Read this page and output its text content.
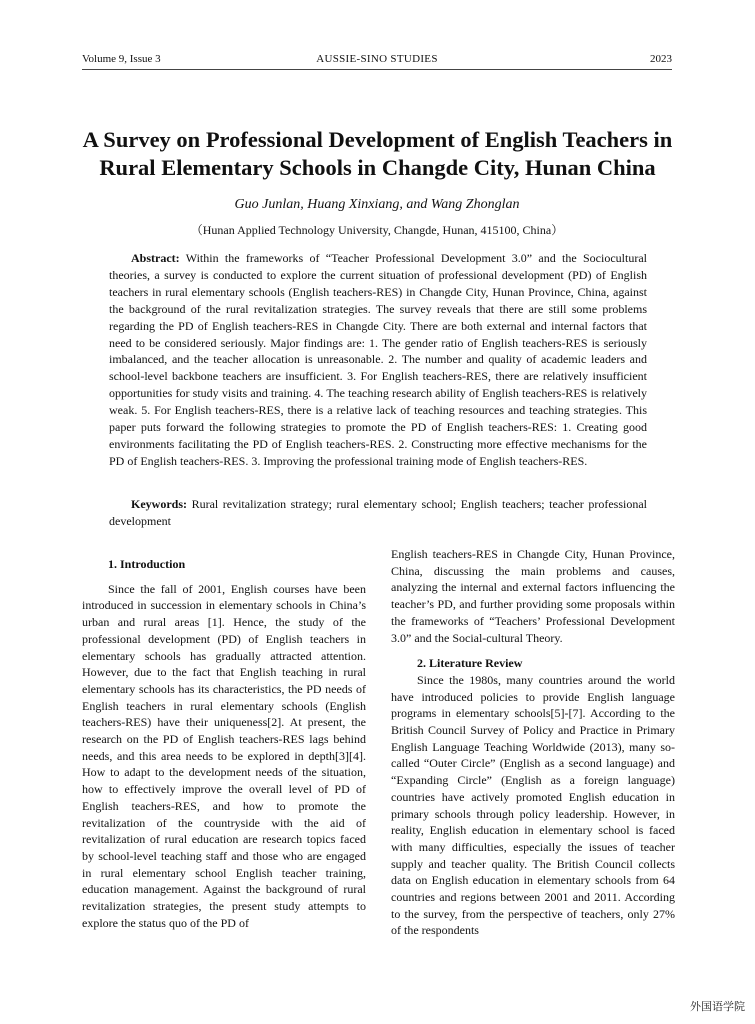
Volume 9, Issue 3	AUSSIE-SINO STUDIES	2023
A Survey on Professional Development of English Teachers in Rural Elementary Schools in Changde City, Hunan China
Guo Junlan, Huang Xinxiang, and Wang Zhonglan
（Hunan Applied Technology University, Changde, Hunan, 415100, China）

Abstract: Within the frameworks of “Teacher Professional Development 3.0” and the Sociocultural theories, a survey is conducted to explore the current situation of professional development (PD) of English teachers in rural elementary schools (English teachers-RES) in Changde City, Hunan Province, China, against the background of the rural revitalization strategies. The survey reveals that there are still some problems regarding the PD of English teachers-RES in Changde City. There are both external and internal factors that need to be considered seriously. Major findings are: 1. The gender ratio of English teachers-RES is seriously imbalanced, and the teacher allocation is unreasonable. 2. The number and quality of academic leaders and school-level backbone teachers are insufficient. 3. For English teachers-RES, there are relatively insufficient opportunities for study visits and training. 4. The teaching research ability of English teachers-RES is relatively weak. 5. For English teachers-RES, there is a relative lack of teaching resources and teaching strategies. This paper puts forward the following strategies to promote the PD of English teachers-RES: 1. Creating good environments facilitating the PD of English teachers-RES. 2. Constructing more effective mechanisms for the PD of English teachers-RES. 3. Improving the professional training mode of English teachers-RES.

Keywords: Rural revitalization strategy; rural elementary school; English teachers; teacher professional development

1. Introduction

Since the fall of 2001, English courses have been introduced in succession in elementary schools in China’s urban and rural areas [1]. Hence, the study of the professional development (PD) of English teachers in elementary schools has gradually attracted attention. However, due to the fact that English teaching in rural elementary schools has its characteristics, the PD needs of English teachers in rural elementary schools (English teachers-RES) have their uniqueness[2]. At present, the research on the PD of English teachers-RES lags behind needs, and this area needs to be explored in depth[3][4]. How to adapt to the development needs of the situation, how to effectively improve the overall level of PD of English teachers-RES, and how to promote the revitalization of the countryside with the aid of revitalization of rural education are research topics faced by school-level teaching staff and those who are engaged in rural elementary school English teacher training, education management. Against the background of rural revitalization strategies, the present study attempts to explore the status quo of the PD of

English teachers-RES in Changde City, Hunan Province, China, discussing the main problems and causes, analyzing the internal and external factors influencing the teacher’s PD, and further providing some proposals within the frameworks of “Teachers’ Professional Development 3.0” and the Social-cultural Theory.

2. Literature Review

Since the 1980s, many countries around the world have introduced policies to provide English language programs in elementary schools[5]-[7]. According to the British Council Survey of Policy and Practice in Primary English Language Teaching Worldwide (2013), many so-called “Outer Circle” (English as a second language) and “Expanding Circle” (English as a foreign language) countries have actively promoted English education in primary schools through policy leadership. However, in reality, English education in elementary school is faced with many difficulties, especially the issues of teacher supply and teacher quality. The British Council collects data on English education in elementary schools from 64 countries and regions between 2001 and 2011. According to the survey, from the perspective of teachers, only 27% of the respondents

外国语学院
